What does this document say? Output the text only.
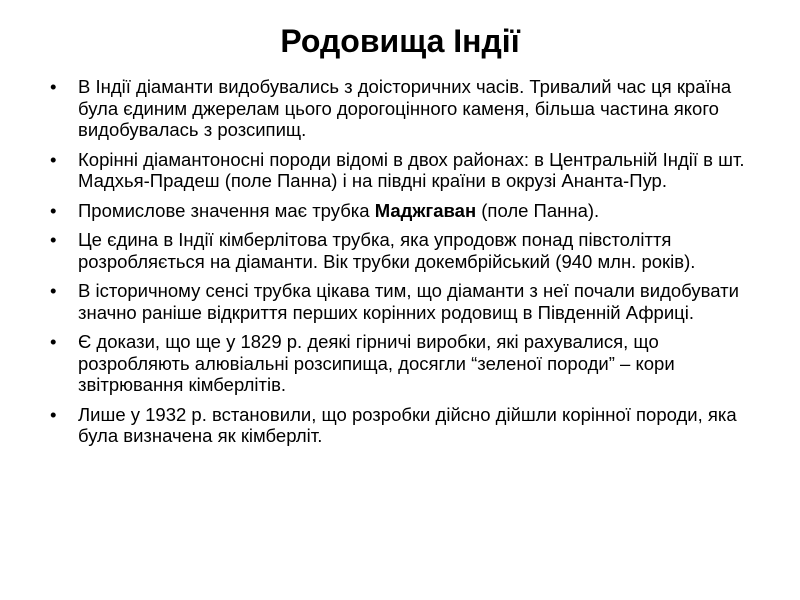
Родовища Індії
• В Індії діаманти видобувались з доісторичних часів. Тривалий час ця країна була єдиним джерелам цього дорогоцінного каменя, більша частина якого видобувалась з розсипищ.
• Корінні діамантоносні породи відомі в двох районах: в Центральній Індії в шт. Мадхья-Прадеш (поле Панна) і на півдні країни в окрузі Ананта-Пур.
• Промислове значення має трубка Маджгаван (поле Панна).
• Це єдина в Індії кімберлітова трубка, яка упродовж понад півстоліття розробляється на діаманти. Вік трубки докембрійський (940 млн. років).
• В історичному сенсі трубка цікава тим, що діаманти з неї почали видобувати значно раніше відкриття перших корінних родовищ в Південній Африці.
• Є докази, що ще у 1829 р. деякі гірничі виробки, які рахувалися, що розробляють алювіальні розсипища, досягли “зеленої породи” – кори звітрювання кімберлітів.
• Лише у 1932 р. встановили, що розробки дійсно дійшли корінної породи, яка була визначена як кімберліт.
